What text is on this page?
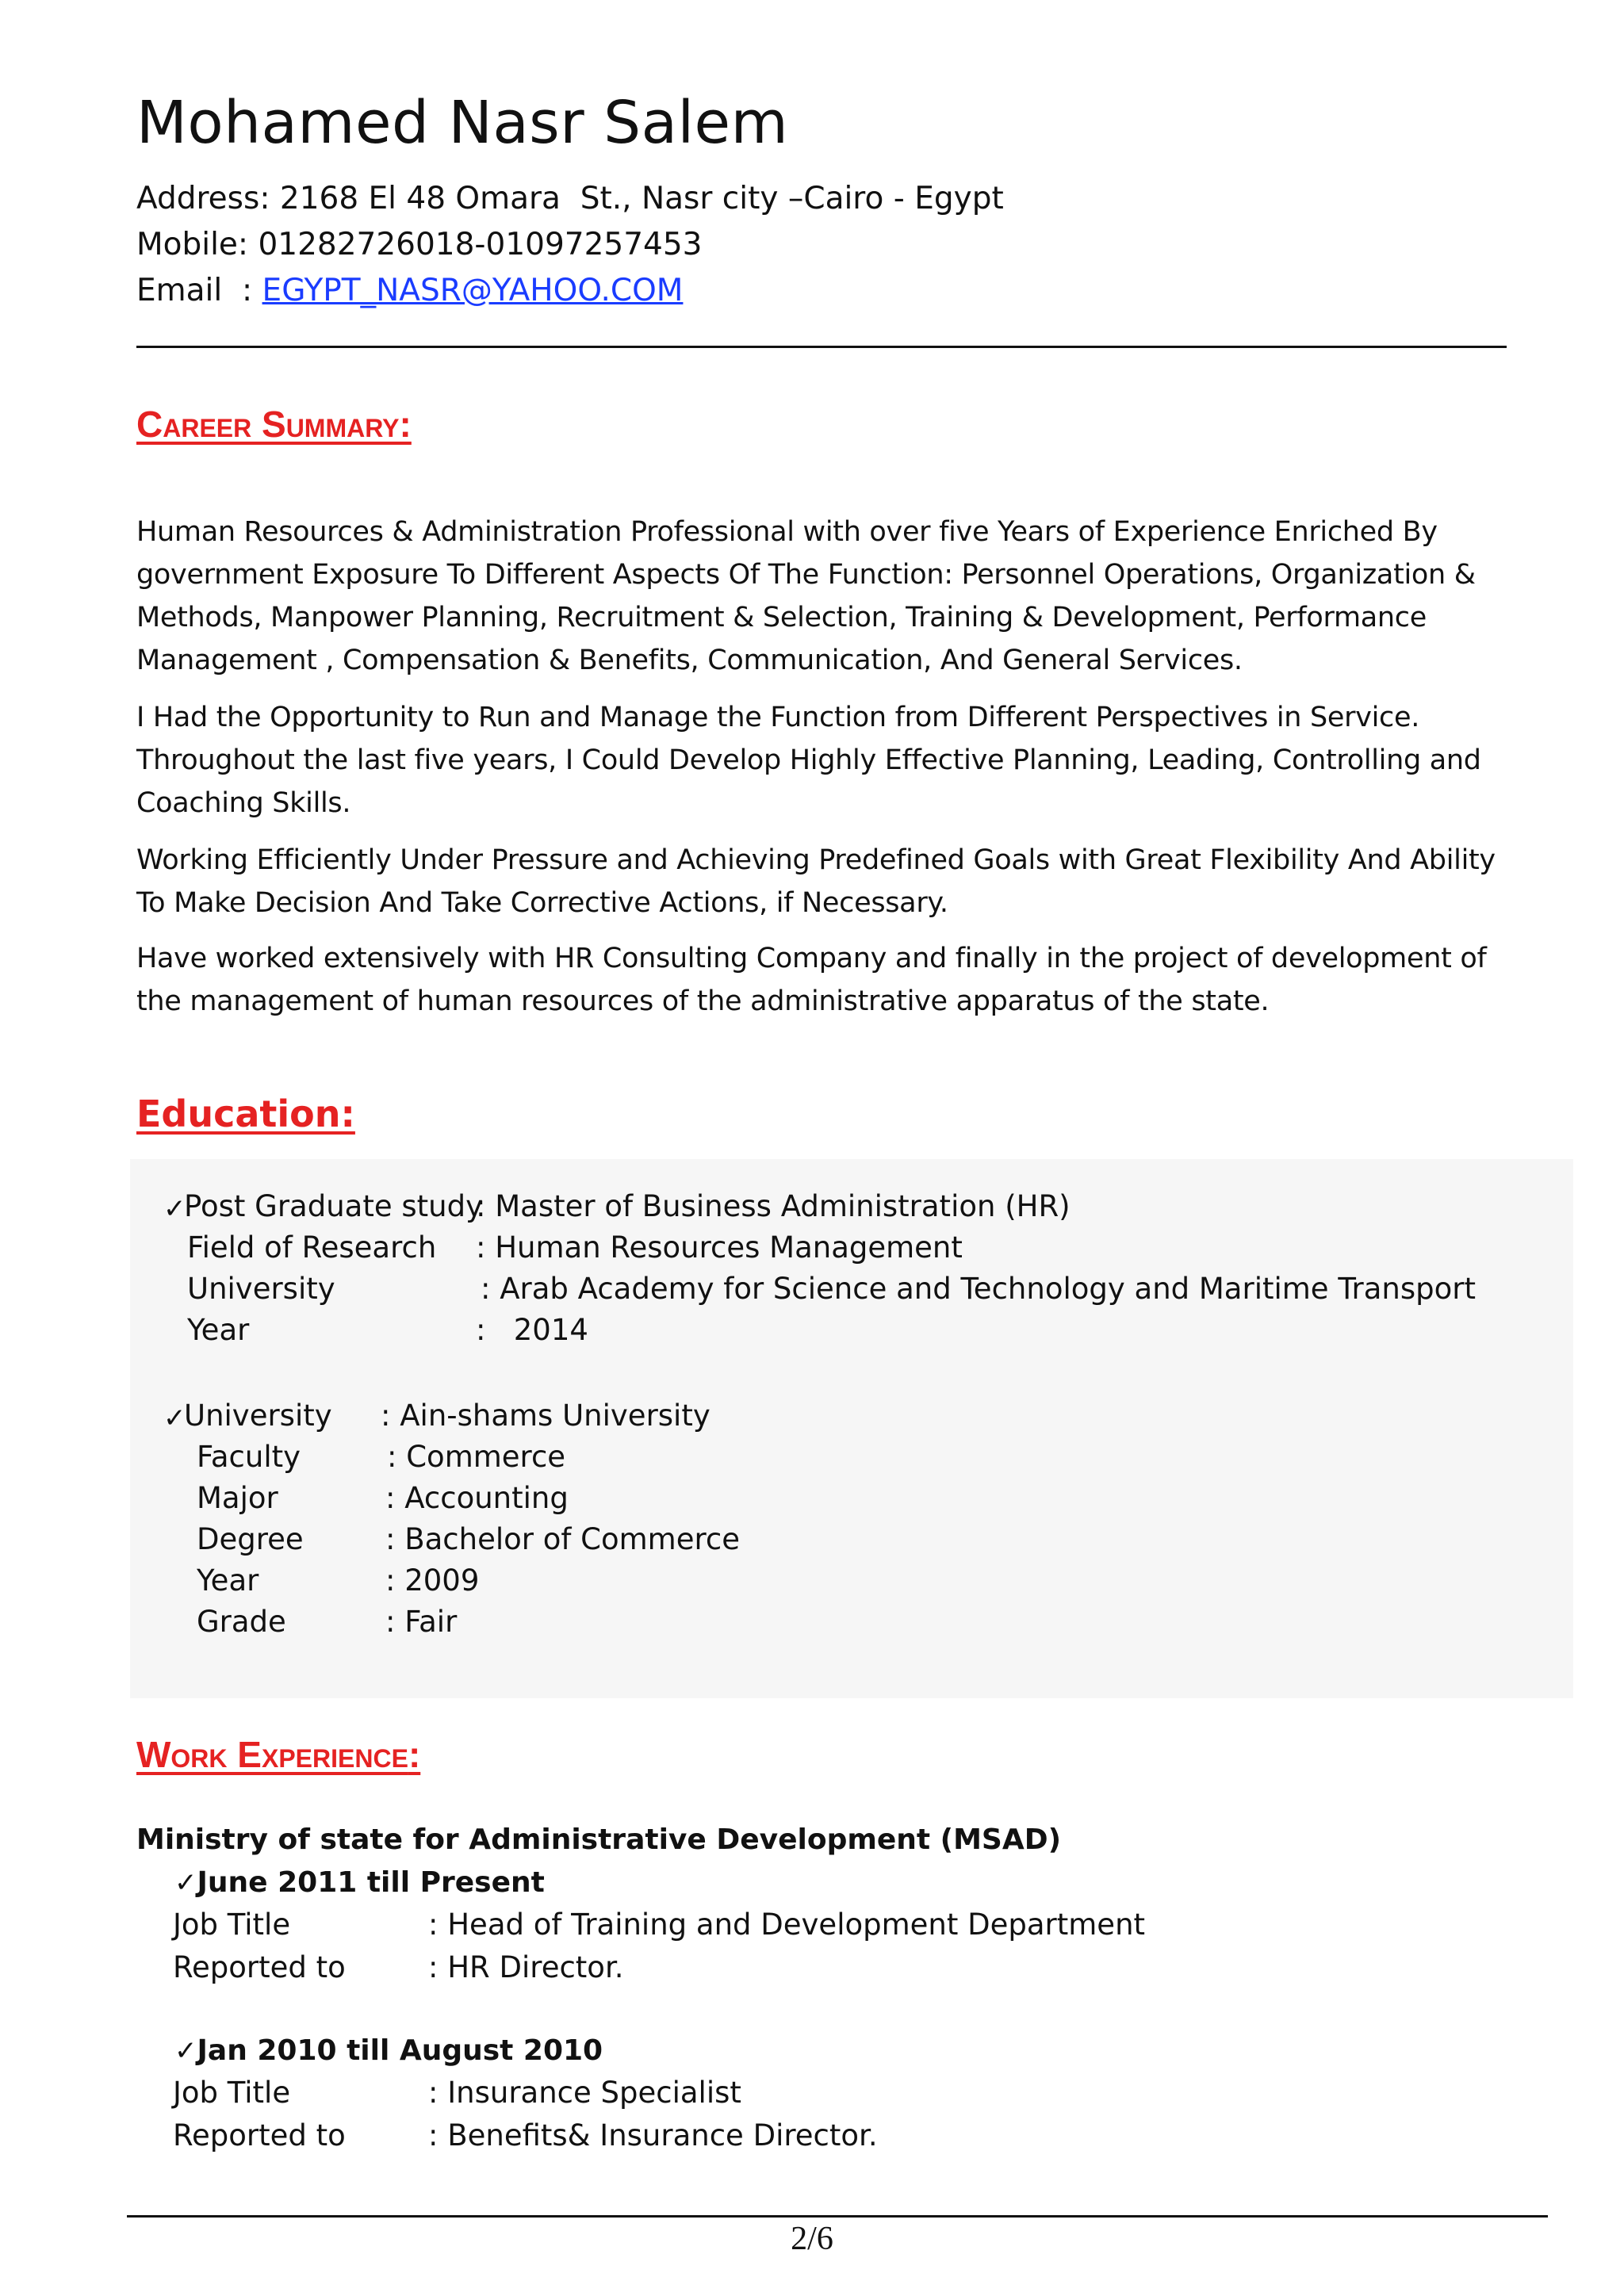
Mohamed Nasr Salem
Address: 2168 El 48 Omara  St., Nasr city –Cairo - Egypt
Mobile: 01282726018-01097257453
Email  : EGYPT_NASR@YAHOO.COM
Career Summary:

Human Resources & Administration Professional with over five Years of Experience Enriched By government Exposure To Different Aspects Of The Function: Personnel Operations, Organization & Methods, Manpower Planning, Recruitment & Selection, Training & Development, Performance Management , Compensation & Benefits, Communication, And General Services.

I Had the Opportunity to Run and Manage the Function from Different Perspectives in Service. Throughout the last five years, I Could Develop Highly Effective Planning, Leading, Controlling and Coaching Skills.

Working Efficiently Under Pressure and Achieving Predefined Goals with Great Flexibility And Ability To Make Decision And Take Corrective Actions, if Necessary.

Have worked extensively with HR Consulting Company and finally in the project of development of the management of human resources of the administrative apparatus of the state.

Education:
✓
Post Graduate study
: Master of Business Administration (HR)
Field of Research : Human Resources Management
University	: Arab Academy for Science and Technology and Maritime Transport
Year	:   2014
✓
University : Ain-shams University
Faculty	: Commerce
Major	: Accounting
Degree	: Bachelor of Commerce
Year	: 2009
Grade	: Fair
Work Experience:
Ministry of state for Administrative Development (MSAD)
✓June 2011 till Present
Job Title	: Head of Training and Development Department
Reported to	: HR Director.
✓Jan 2010 till August 2010
Job Title	: Insurance Specialist
Reported to	: Benefits& Insurance Director.
2/6
